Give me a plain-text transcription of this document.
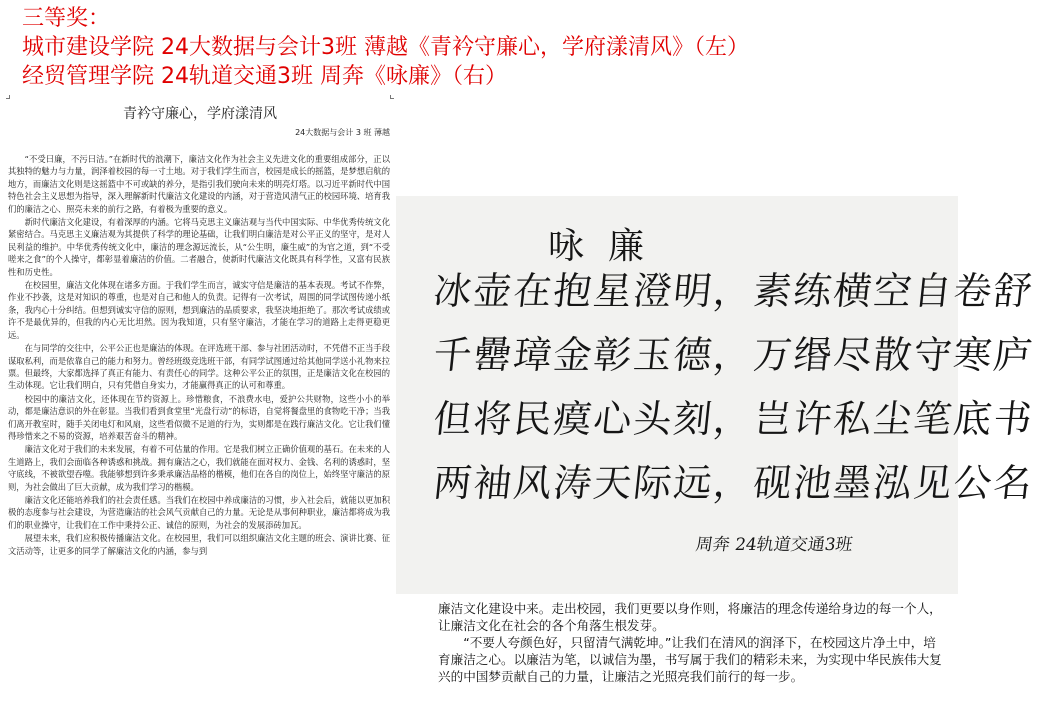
三等奖：
城市建设学院 24大数据与会计3班 薄越《青衿守廉心，学府漾清风》（左）
经贸管理学院 24轨道交通3班 周奔《咏廉》（右）
青衿守廉心，学府漾清风
24大数据与会计 3 班 薄越

“不受曰廉，不污曰洁。”在新时代的浪潮下，廉洁文化作为社会主义先进文化的重要组成部分，正以其独特的魅力与力量，润泽着校园的每一寸土地。对于我们学生而言，校园是成长的摇篮，是梦想启航的地方，而廉洁文化则是这摇篮中不可或缺的养分，是指引我们驶向未来的明亮灯塔。以习近平新时代中国特色社会主义思想为指导，深入理解新时代廉洁文化建设的内涵，对于营造风清气正的校园环境、培育我们的廉洁之心、照亮未来的前行之路，有着极为重要的意义。

新时代廉洁文化建设，有着深厚的内涵。它将马克思主义廉洁观与当代中国实际、中华优秀传统文化紧密结合。马克思主义廉洁观为其提供了科学的理论基础，让我们明白廉洁是对公平正义的坚守，是对人民利益的维护。中华优秀传统文化中，廉洁的理念源远流长，从“公生明，廉生威”的为官之道，到“不受嗟来之食”的个人操守，都彰显着廉洁的价值。二者融合，使新时代廉洁文化既具有科学性，又富有民族性和历史性。

在校园里，廉洁文化体现在诸多方面。于我们学生而言，诚实守信是廉洁的基本表现。考试不作弊，作业不抄袭，这是对知识的尊重，也是对自己和他人的负责。记得有一次考试，周围的同学试图传递小纸条，我内心十分纠结。但想到诚实守信的原则，想到廉洁的品质要求，我坚决地拒绝了。那次考试成绩或许不是最优异的，但我的内心无比坦然。因为我知道，只有坚守廉洁，才能在学习的道路上走得更稳更远。

在与同学的交往中，公平公正也是廉洁的体现。在评选班干部、参与社团活动时，不凭借不正当手段谋取私利，而是依靠自己的能力和努力。曾经班级竞选班干部，有同学试图通过给其他同学送小礼物来拉票。但最终，大家都选择了真正有能力、有责任心的同学。这种公平公正的氛围，正是廉洁文化在校园的生动体现。它让我们明白，只有凭借自身实力，才能赢得真正的认可和尊重。

校园中的廉洁文化，还体现在节约资源上。珍惜粮食，不浪费水电，爱护公共财物，这些小小的举动，都是廉洁意识的外在彰显。当我们看到食堂里“光盘行动”的标语，自觉将餐盘里的食物吃干净；当我们离开教室时，随手关闭电灯和风扇，这些看似微不足道的行为，实则都是在践行廉洁文化。它让我们懂得珍惜来之不易的资源，培养艰苦奋斗的精神。

廉洁文化对于我们的未来发展，有着不可估量的作用。它是我们树立正确价值观的基石。在未来的人生道路上，我们会面临各种诱惑和挑战。拥有廉洁之心，我们就能在面对权力、金钱、名利的诱惑时，坚守底线，不被欲望吞噬。我能够想到许多秉承廉洁品格的楷模，他们在各自的岗位上，始终坚守廉洁的原则，为社会做出了巨大贡献，成为我们学习的楷模。

廉洁文化还能培养我们的社会责任感。当我们在校园中养成廉洁的习惯，步入社会后，就能以更加积极的态度参与社会建设，为营造廉洁的社会风气贡献自己的力量。无论是从事何种职业，廉洁都将成为我们的职业操守，让我们在工作中秉持公正、诚信的原则，为社会的发展添砖加瓦。

展望未来，我们应积极传播廉洁文化。在校园里，我们可以组织廉洁文化主题的班会、演讲比赛、征文活动等，让更多的同学了解廉洁文化的内涵，参与到

咏廉
冰壶在抱星澄明，素练横空自卷舒
千罍璋金彰玉德，万缗尽散守寒庐
但将民瘼心头刻，岂许私尘笔底书
两袖风涛天际远，砚池墨泓见公名
周奔 24轨道交通3班

廉洁文化建设中来。走出校园，我们更要以身作则，将廉洁的理念传递给身边的每一个人，让廉洁文化在社会的各个角落生根发芽。

“不要人夸颜色好，只留清气满乾坤。”让我们在清风的润泽下，在校园这片净土中，培育廉洁之心。以廉洁为笔，以诚信为墨，书写属于我们的精彩未来，为实现中华民族伟大复兴的中国梦贡献自己的力量，让廉洁之光照亮我们前行的每一步。
